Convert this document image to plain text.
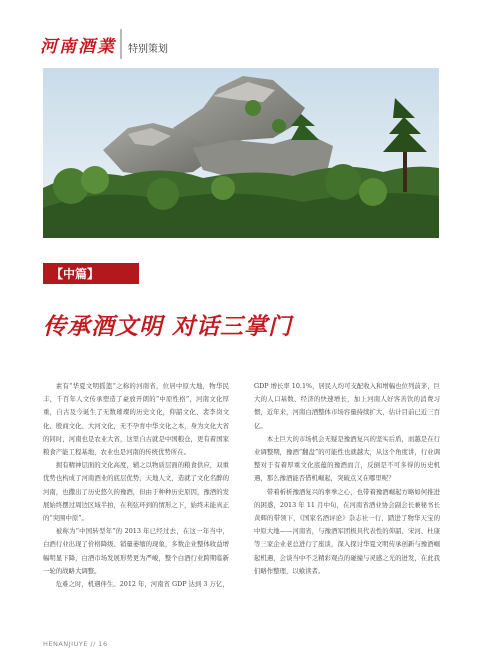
河南酒業 特别策划
【中篇】
传承酒文明 对话三掌门

素有“华夏文明摇篮”之称的河南省，位居中原大地，物华民丰，千百年人文传承塑造了豪放开朗的“中原性格”，河南文化厚重，自古及今诞生了无数璀璨的历史文化，仰韶文化、裴李岗文化、殷商文化、大河文化，无不孕育中华文化之本，身为文化大省的同时，河南也是农业大省，这里自古就是中国粮仓，更有着国家粮食产能工程基地，农业也是河南的传统优势所在。

拥有精神层面的文化高度，辅之以物质层面的粮食供应，双重优势也构成了河南酒业的底层优势，天地人文，造就了文化名醉的河南，也撒出了历史悠久的豫酒，但由于种种历史原因，豫酒的发展始终摆过周边区域半拍，在利弦环到的情形之下，始终未能真正的“突围中原”。

被称为“中国转型年”的 2013 年已经过去，在这一年当中，白酒行业出现了价格降级、销量萎缩的现象，多数企业整体收益增幅明显下降，白酒市场发展形势更为严峻，整个白酒行业跨期临新一轮的战略大调整。

危难之时，机遇伴生。2012 年，河南省 GDP 达到 3 万亿，

GDP 增长率 10.1%，居民人均可支配收入和增幅也位列前茅，巨大的人口基数、经济的快速增长，加上河南人好客善饮的消费习惯，近年来，河南白酒整体市场容量持续扩大，估计目前已近三百亿。

本土巨大的市场机会无疑是豫酒复兴的坚实后盾，而越是在行业调整期，豫酒“翻盘”的可能性也就越大，从这个角度讲，行业调整对于有着厚重文化底蕴的豫酒而言，反倒是不可多得的历史机遇，那么豫酒能否借机崛起，突破点又在哪里呢？

带着析析豫酒复兴的拳拳之心，也带着豫酒崛起方略如何推进的困惑，2013 年 11 月中旬，在河南省酒业协会副会长兼秘书长黄辉的带领下，《国家名酒评论》杂志社一行，踏进了物华天宝的中原大地——河南省，与豫酒军团极具代表性的仰韶、宋河、杜康等三家企业老总进行了座谈，深入探讨华夏文明传承创新与豫酒崛起机遇，会谈当中不乏精彩观点的碰撞与灵感之光的迸发，在此我们略作整理，以飨读者。

HENANJIUYE // 16
